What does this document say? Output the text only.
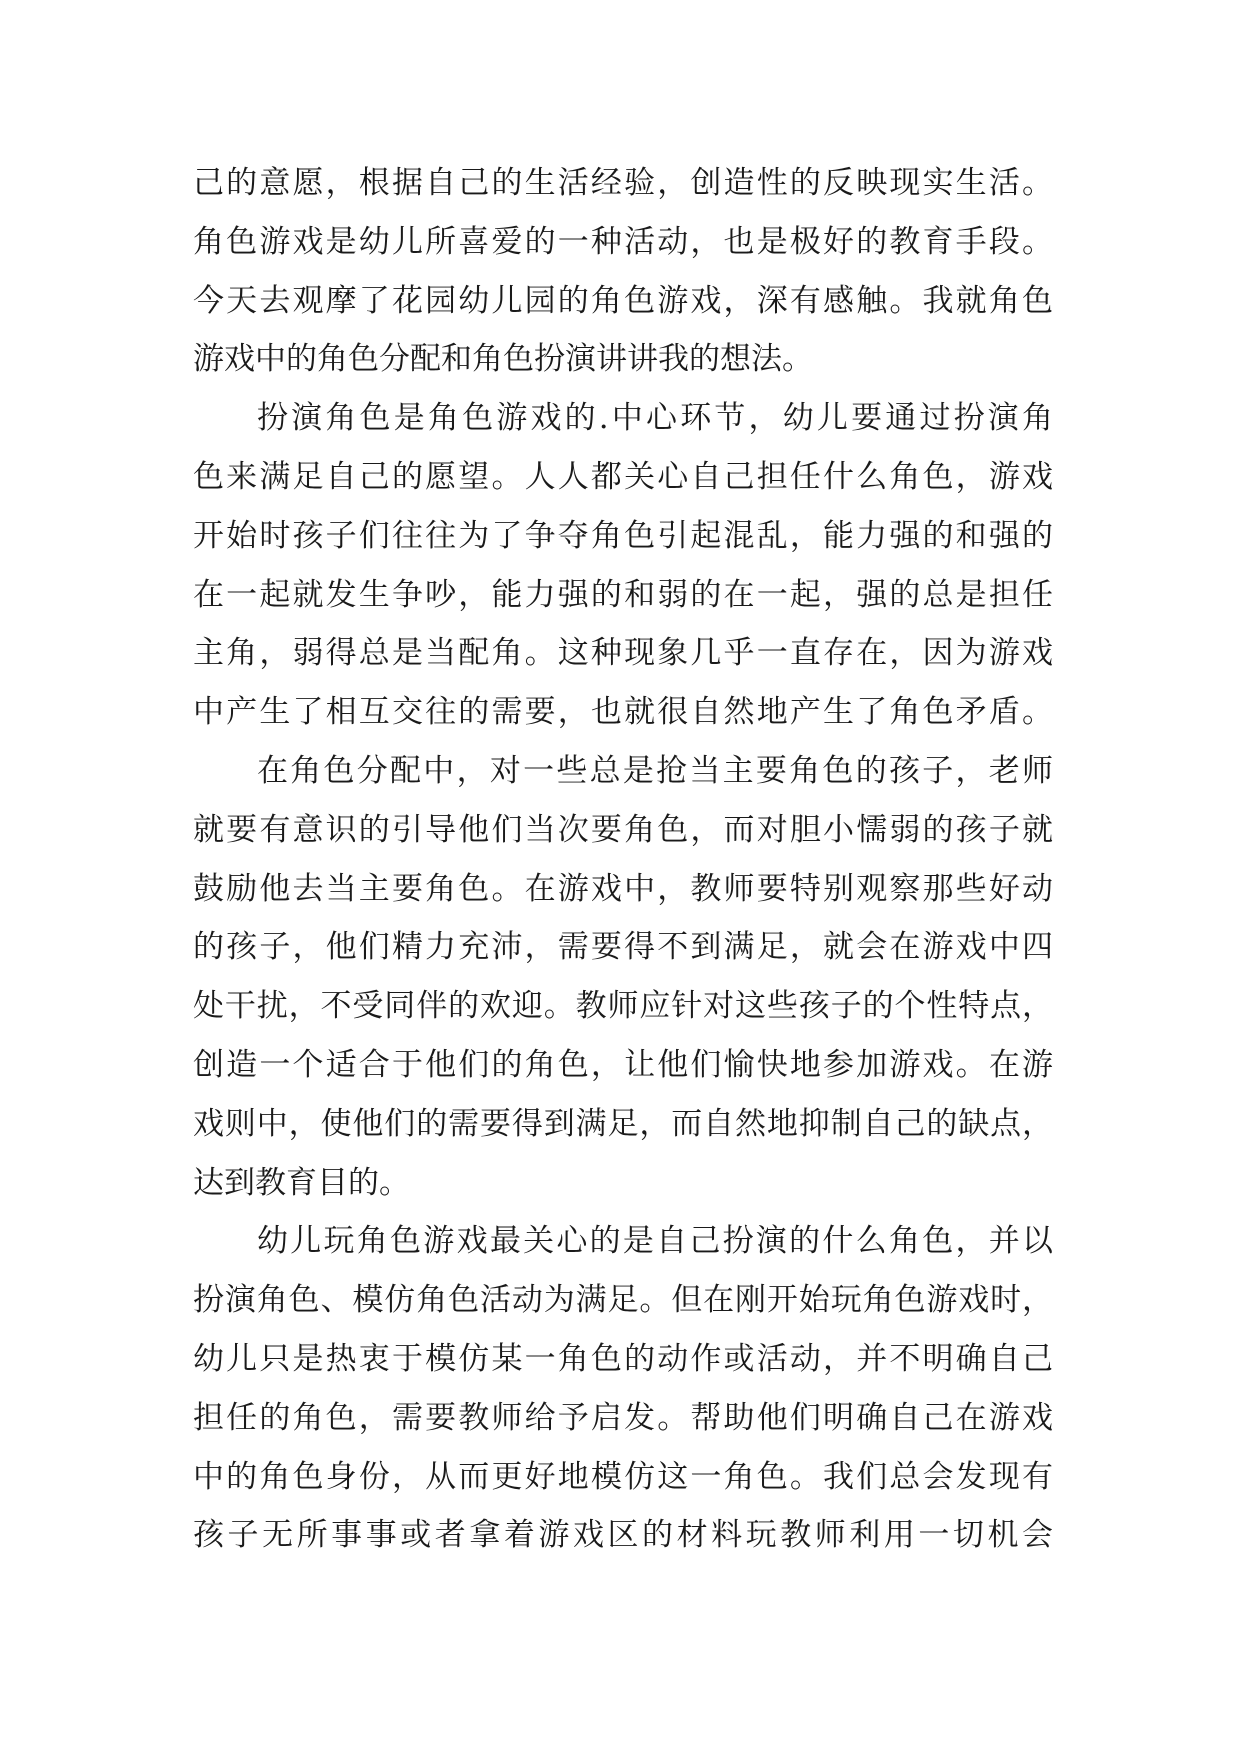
己的意愿，根据自己的生活经验，创造性的反映现实生活。
角色游戏是幼儿所喜爱的一种活动，也是极好的教育手段。
今天去观摩了花园幼儿园的角色游戏，深有感触。我就角色
游戏中的角色分配和角色扮演讲讲我的想法。
扮演角色是角色游戏的.中心环节，幼儿要通过扮演角
色来满足自己的愿望。人人都关心自己担任什么角色，游戏
开始时孩子们往往为了争夺角色引起混乱，能力强的和强的
在一起就发生争吵，能力强的和弱的在一起，强的总是担任
主角，弱得总是当配角。这种现象几乎一直存在，因为游戏
中产生了相互交往的需要，也就很自然地产生了角色矛盾。
在角色分配中，对一些总是抢当主要角色的孩子，老师
就要有意识的引导他们当次要角色，而对胆小懦弱的孩子就
鼓励他去当主要角色。在游戏中，教师要特别观察那些好动
的孩子，他们精力充沛，需要得不到满足，就会在游戏中四
处干扰，不受同伴的欢迎。教师应针对这些孩子的个性特点，
创造一个适合于他们的角色，让他们愉快地参加游戏。在游
戏则中，使他们的需要得到满足，而自然地抑制自己的缺点，
达到教育目的。
幼儿玩角色游戏最关心的是自己扮演的什么角色，并以
扮演角色、模仿角色活动为满足。但在刚开始玩角色游戏时，
幼儿只是热衷于模仿某一角色的动作或活动，并不明确自己
担任的角色，需要教师给予启发。帮助他们明确自己在游戏
中的角色身份，从而更好地模仿这一角色。我们总会发现有
孩子无所事事或者拿着游戏区的材料玩教师利用一切机会
